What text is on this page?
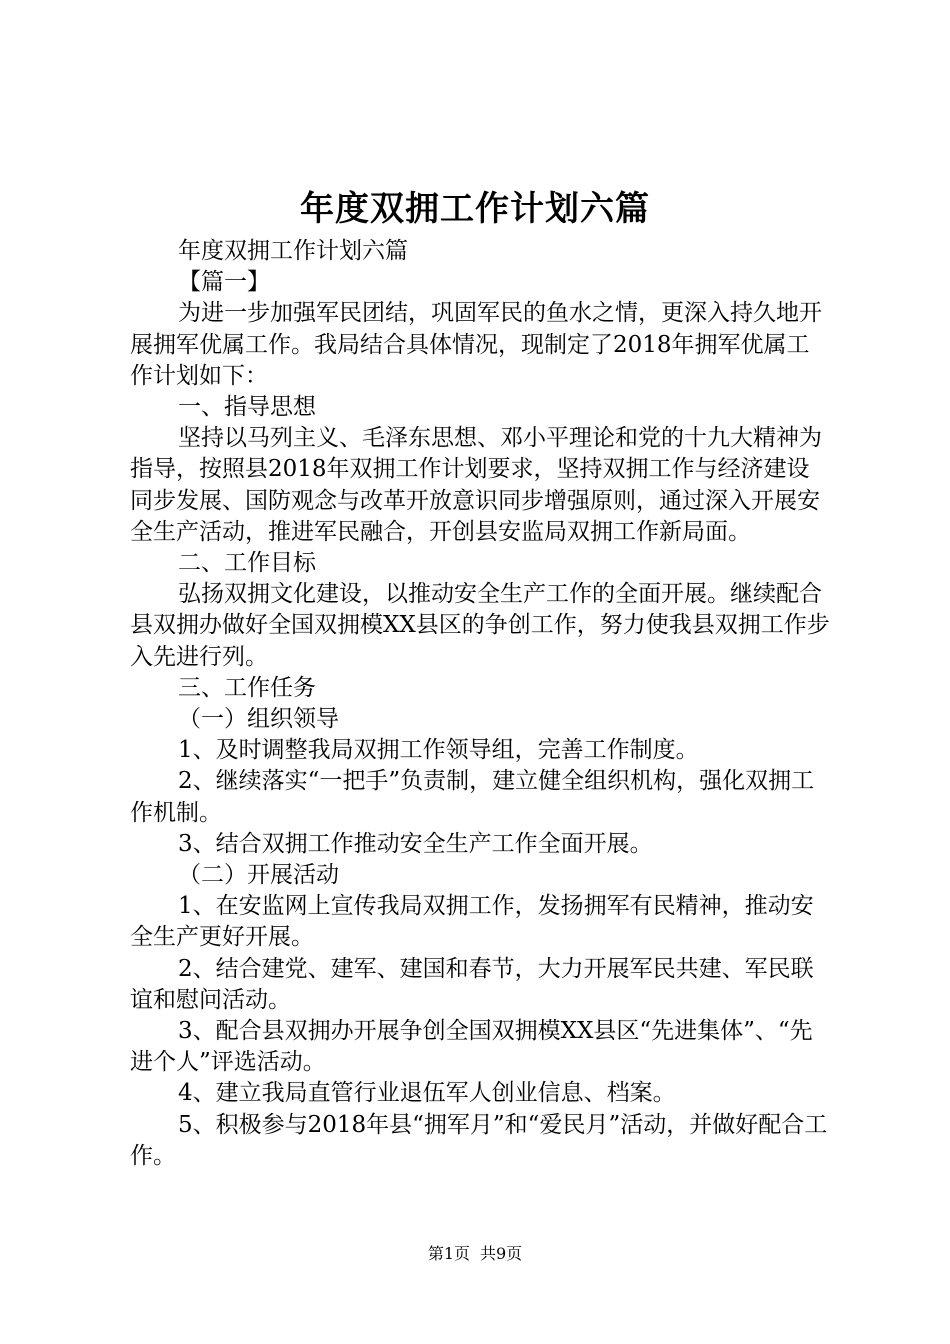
年度双拥工作计划六篇

年度双拥工作计划六篇

【篇一】

为进一步加强军民团结，巩固军民的鱼水之情，更深入持久地开展拥军优属工作。我局结合具体情况，现制定了2018年拥军优属工作计划如下：

一、指导思想

坚持以马列主义、毛泽东思想、邓小平理论和党的十九大精神为指导，按照县2018年双拥工作计划要求，坚持双拥工作与经济建设同步发展、国防观念与改革开放意识同步增强原则，通过深入开展安全生产活动，推进军民融合，开创县安监局双拥工作新局面。

二、工作目标

弘扬双拥文化建设，以推动安全生产工作的全面开展。继续配合县双拥办做好全国双拥模XX县区的争创工作，努力使我县双拥工作步入先进行列。

三、工作任务

（一）组织领导

1、及时调整我局双拥工作领导组，完善工作制度。

2、继续落实“一把手”负责制，建立健全组织机构，强化双拥工作机制。

3、结合双拥工作推动安全生产工作全面开展。

（二）开展活动

1、在安监网上宣传我局双拥工作，发扬拥军有民精神，推动安全生产更好开展。

2、结合建党、建军、建国和春节，大力开展军民共建、军民联谊和慰问活动。

3、配合县双拥办开展争创全国双拥模XX县区“先进集体”、“先进个人”评选活动。

4、建立我局直管行业退伍军人创业信息、档案。

5、积极参与2018年县“拥军月”和“爱民月”活动，并做好配合工作。

第1页 共9页
